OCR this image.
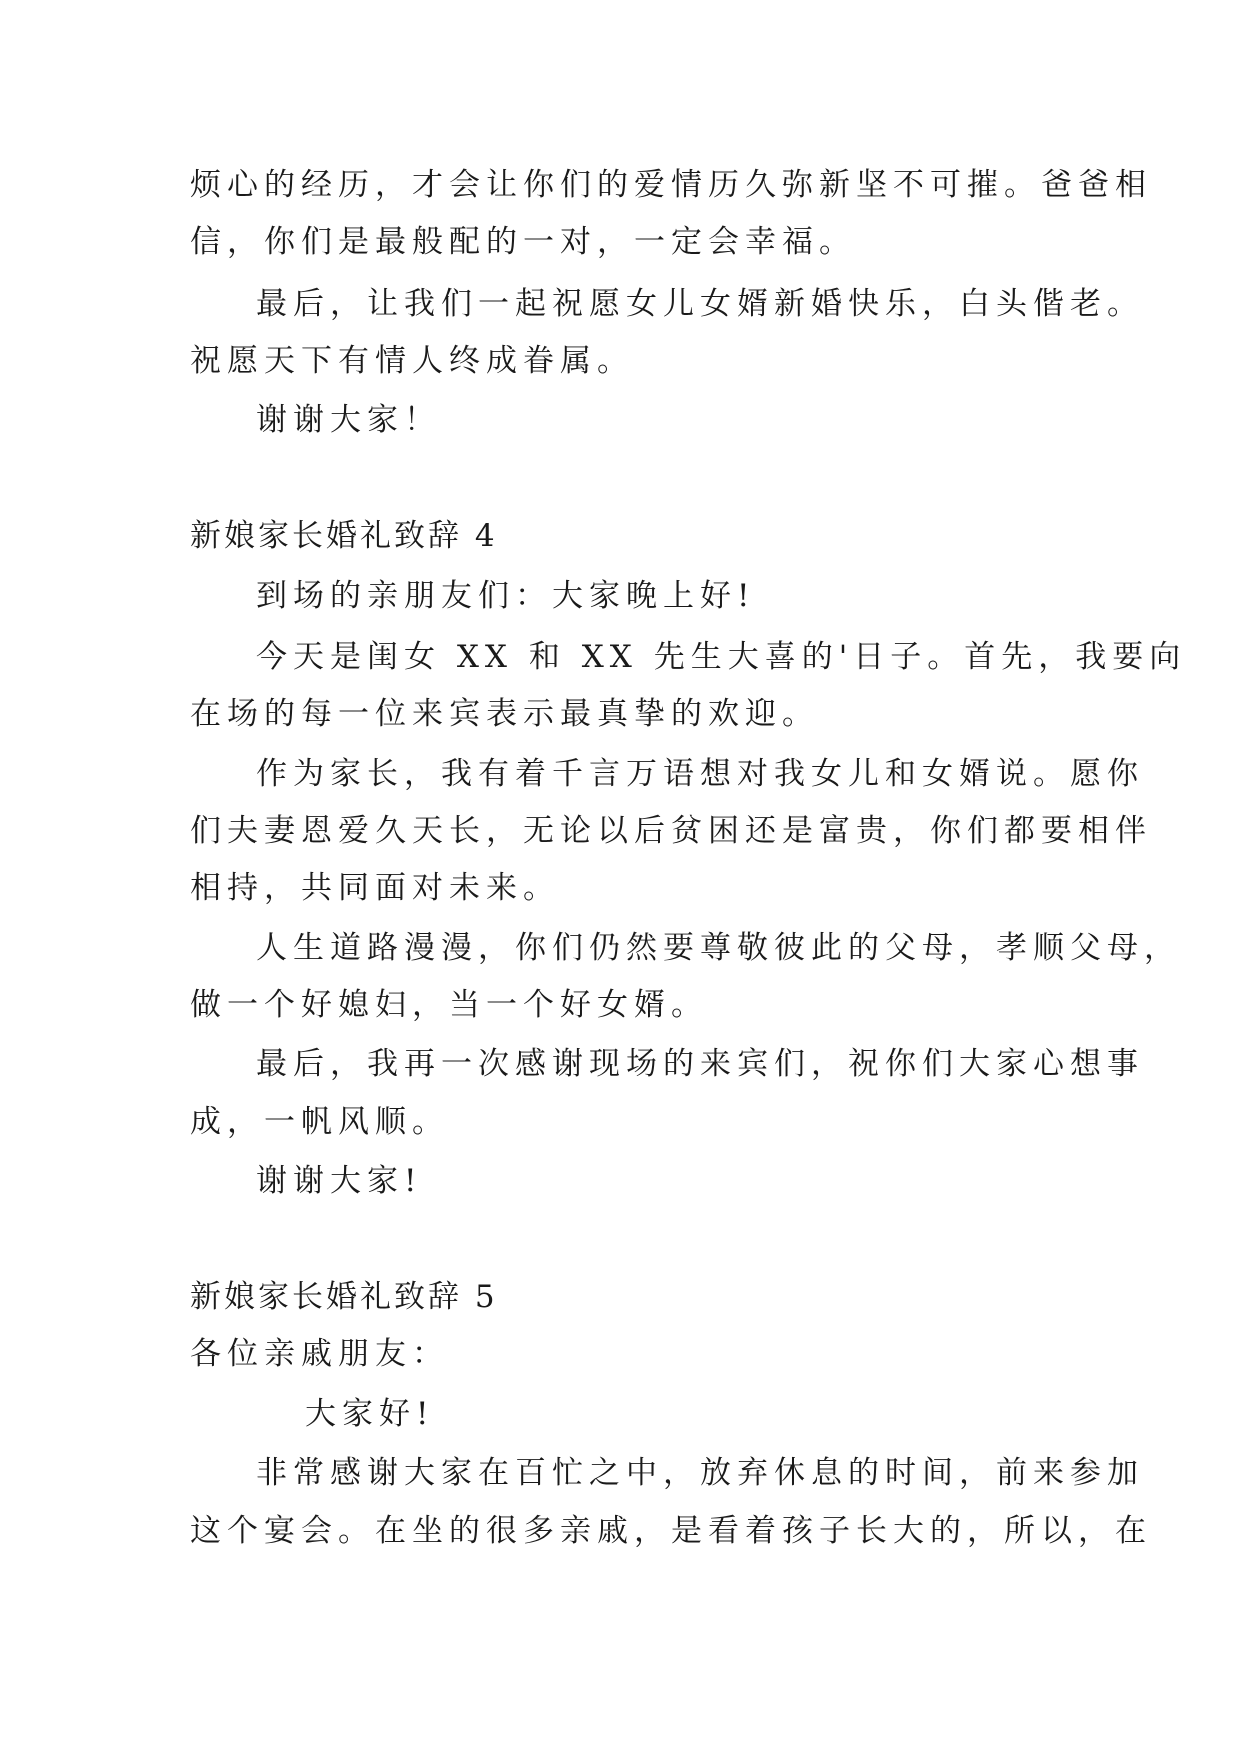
烦心的经历，才会让你们的爱情历久弥新坚不可摧。爸爸相
信，你们是最般配的一对，一定会幸福。
最后，让我们一起祝愿女儿女婿新婚快乐，白头偕老。
祝愿天下有情人终成眷属。
谢谢大家！
新娘家长婚礼致辞 4
到场的亲朋友们：大家晚上好!
今天是闺女 XX 和 XX 先生大喜的'日子。首先，我要向
在场的每一位来宾表示最真挚的欢迎。
作为家长，我有着千言万语想对我女儿和女婿说。愿你
们夫妻恩爱久天长，无论以后贫困还是富贵，你们都要相伴
相持，共同面对未来。
人生道路漫漫，你们仍然要尊敬彼此的父母，孝顺父母，
做一个好媳妇，当一个好女婿。
最后，我再一次感谢现场的来宾们，祝你们大家心想事
成，一帆风顺。
谢谢大家!
新娘家长婚礼致辞 5
各位亲戚朋友：
大家好!
非常感谢大家在百忙之中，放弃休息的时间，前来参加
这个宴会。在坐的很多亲戚，是看着孩子长大的，所以，在
